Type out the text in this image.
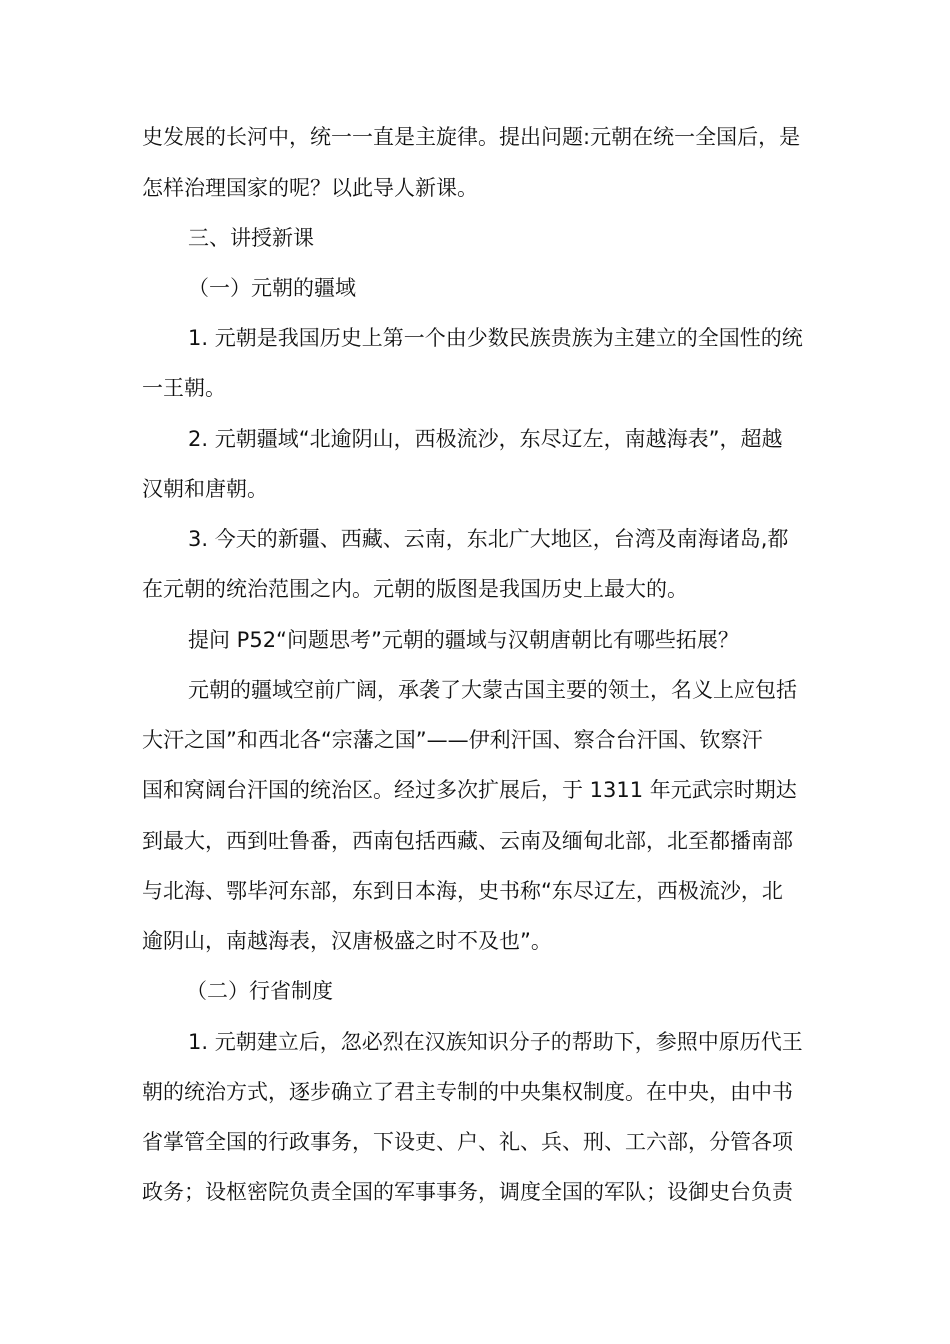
史发展的长河中，统一一直是主旋律。提出问题:元朝在统一全国后，是
怎样治理国家的呢？以此导人新课。
三、讲授新课
（一）元朝的疆域
1. 元朝是我国历史上第一个由少数民族贵族为主建立的全国性的统
一王朝。
2. 元朝疆域“北逾阴山，西极流沙，东尽辽左，南越海表”，超越
汉朝和唐朝。
3. 今天的新疆、西藏、云南，东北广大地区，台湾及南海诸岛,都
在元朝的统治范围之内。元朝的版图是我国历史上最大的。
提问 P52“问题思考”元朝的疆域与汉朝唐朝比有哪些拓展？
元朝的疆域空前广阔，承袭了大蒙古国主要的领土，名义上应包括
大汗之国”和西北各“宗藩之国”——伊利汗国、察合台汗国、钦察汗
国和窝阔台汗国的统治区。经过多次扩展后，于 1311 年元武宗时期达
到最大，西到吐鲁番，西南包括西藏、云南及缅甸北部，北至都播南部
与北海、鄂毕河东部，东到日本海，史书称“东尽辽左，西极流沙，北
逾阴山，南越海表，汉唐极盛之时不及也”。
（二）行省制度
1. 元朝建立后，忽必烈在汉族知识分子的帮助下，参照中原历代王
朝的统治方式，逐步确立了君主专制的中央集权制度。在中央，由中书
省掌管全国的行政事务，下设吏、户、礼、兵、刑、工六部，分管各项
政务；设枢密院负责全国的军事事务，调度全国的军队；设御史台负责
